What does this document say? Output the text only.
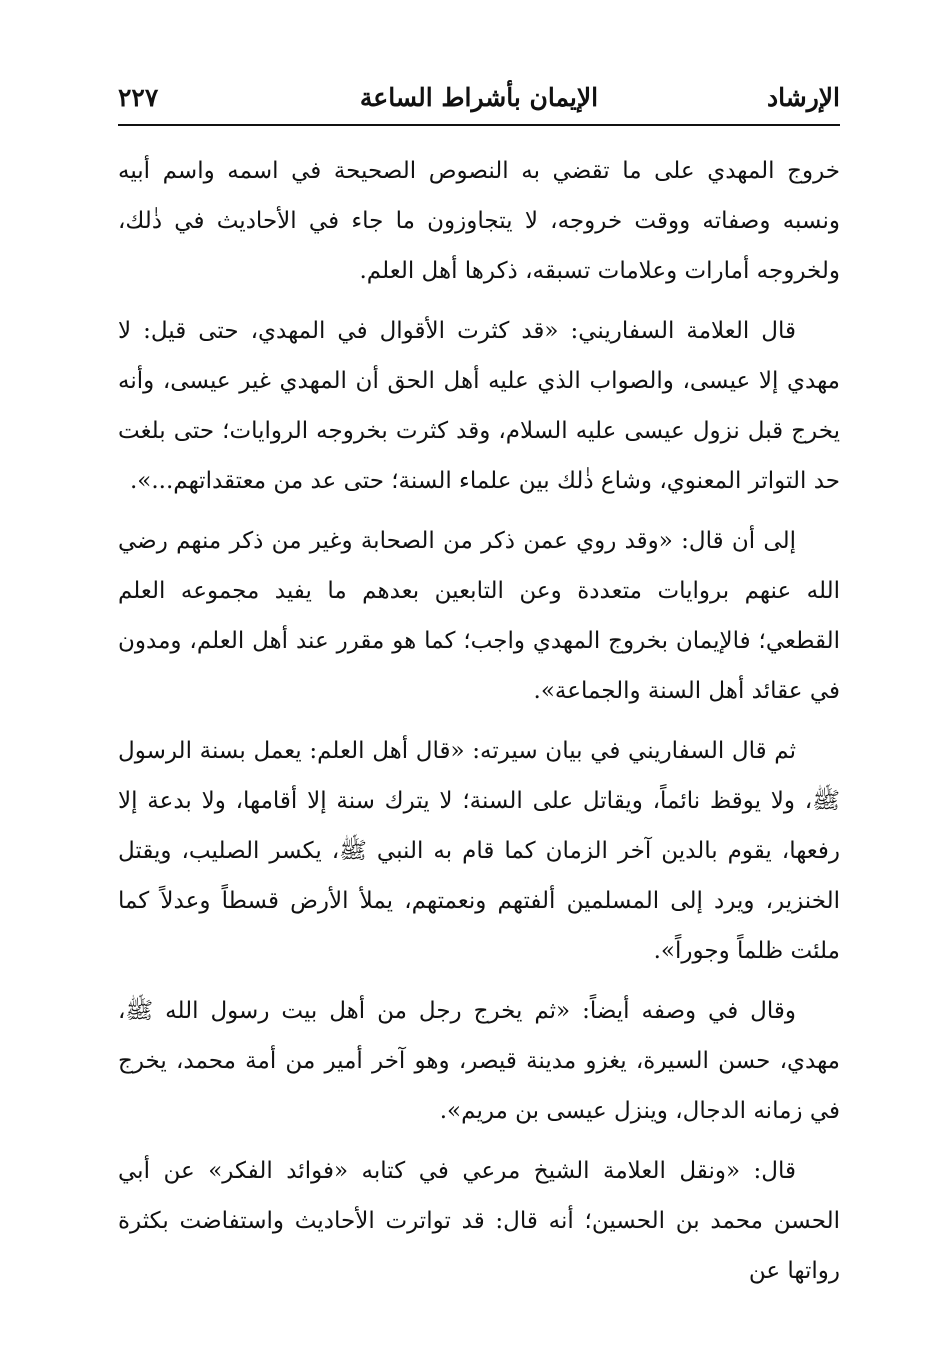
الإرشاد
الإيمان بأشراط الساعة
٢٢٧

خروج المهدي على ما تقضي به النصوص الصحيحة في اسمه واسم أبيه ونسبه وصفاته ووقت خروجه، لا يتجاوزون ما جاء في الأحاديث في ذٰلك، ولخروجه أمارات وعلامات تسبقه، ذكرها أهل العلم.

قال العلامة السفاريني: «قد كثرت الأقوال في المهدي، حتى قيل: لا مهدي إلا عيسى، والصواب الذي عليه أهل الحق أن المهدي غير عيسى، وأنه يخرج قبل نزول عيسى عليه السلام، وقد كثرت بخروجه الروايات؛ حتى بلغت حد التواتر المعنوي، وشاع ذٰلك بين علماء السنة؛ حتى عد من معتقداتهم...».

إلى أن قال: «وقد روي عمن ذكر من الصحابة وغير من ذكر منهم رضي الله عنهم بروايات متعددة وعن التابعين بعدهم ما يفيد مجموعه العلم القطعي؛ فالإيمان بخروج المهدي واجب؛ كما هو مقرر عند أهل العلم، ومدون في عقائد أهل السنة والجماعة».

ثم قال السفاريني في بيان سيرته: «قال أهل العلم: يعمل بسنة الرسول ﷺ، ولا يوقظ نائماً، ويقاتل على السنة؛ لا يترك سنة إلا أقامها، ولا بدعة إلا رفعها، يقوم بالدين آخر الزمان كما قام به النبي ﷺ، يكسر الصليب، ويقتل الخنزير، ويرد إلى المسلمين ألفتهم ونعمتهم، يملأ الأرض قسطاً وعدلاً كما ملئت ظلماً وجوراً».

وقال في وصفه أيضاً: «ثم يخرج رجل من أهل بيت رسول الله ﷺ، مهدي، حسن السيرة، يغزو مدينة قيصر، وهو آخر أمير من أمة محمد، يخرج في زمانه الدجال، وينزل عيسى بن مريم».

قال: «ونقل العلامة الشيخ مرعي في كتابه «فوائد الفكر» عن أبي الحسن محمد بن الحسين؛ أنه قال: قد تواترت الأحاديث واستفاضت بكثرة رواتها عن
